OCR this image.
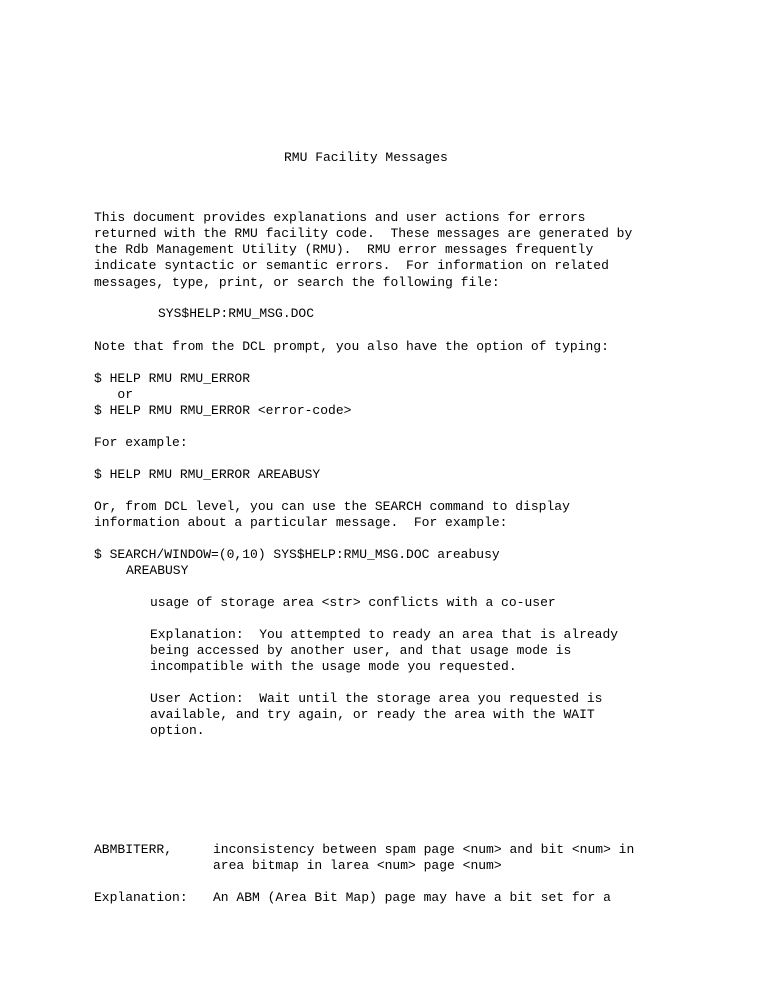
RMU Facility Messages
This document provides explanations and user actions for errors
returned with the RMU facility code.  These messages are generated by
the Rdb Management Utility (RMU).  RMU error messages frequently
indicate syntactic or semantic errors.  For information on related
messages, type, print, or search the following file:
SYS$HELP:RMU_MSG.DOC
Note that from the DCL prompt, you also have the option of typing:
$ HELP RMU RMU_ERROR
or
$ HELP RMU RMU_ERROR <error-code>
For example:
$ HELP RMU RMU_ERROR AREABUSY
Or, from DCL level, you can use the SEARCH command to display
information about a particular message.  For example:
$ SEARCH/WINDOW=(0,10) SYS$HELP:RMU_MSG.DOC areabusy
AREABUSY
usage of storage area <str> conflicts with a co-user
Explanation:  You attempted to ready an area that is already
being accessed by another user, and that usage mode is
incompatible with the usage mode you requested.
User Action:  Wait until the storage area you requested is
available, and try again, or ready the area with the WAIT
option.
ABMBITERR,	inconsistency between spam page <num> and bit <num> in
area bitmap in larea <num> page <num>
Explanation: An ABM (Area Bit Map) page may have a bit set for a
